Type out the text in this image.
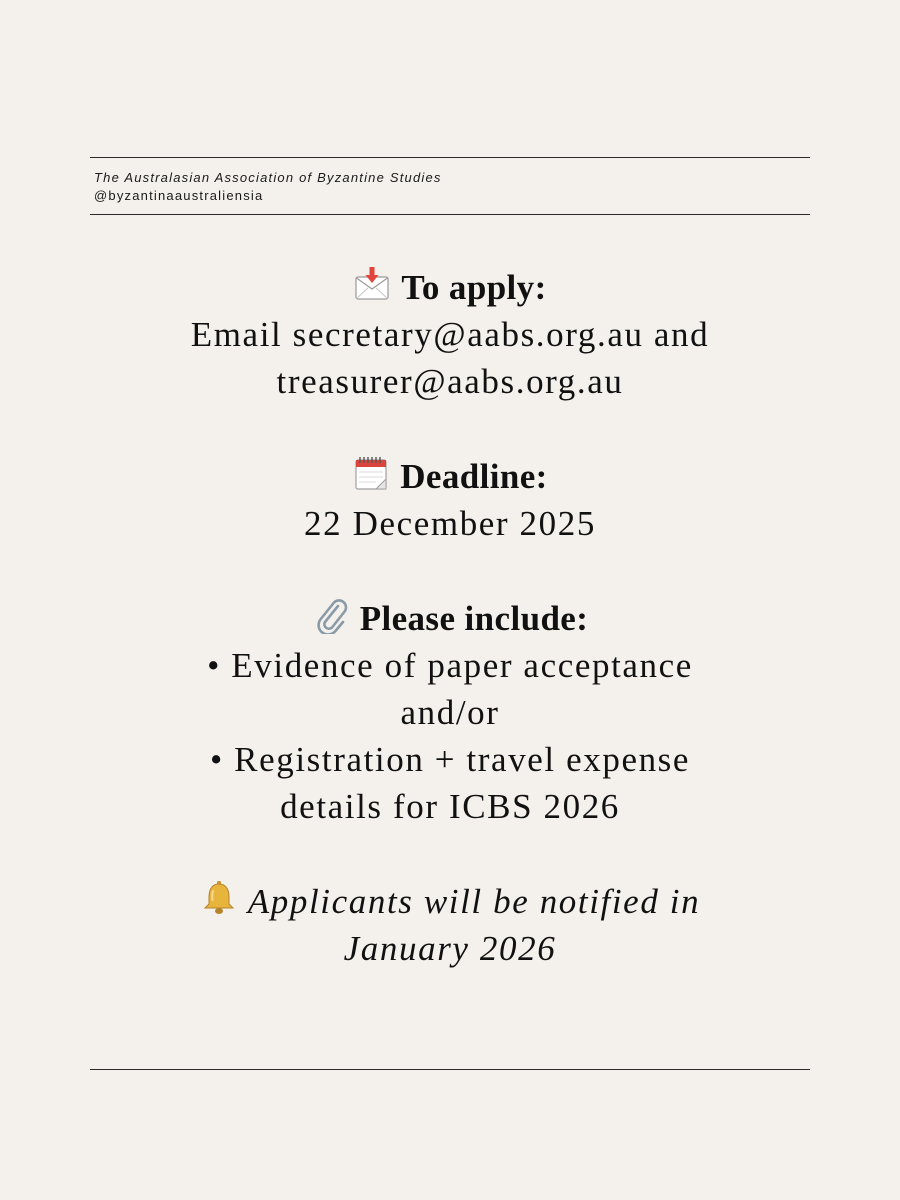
The Australasian Association of Byzantine Studies
@byzantinaaustraliensia
To apply:
Email secretary@aabs.org.au and
treasurer@aabs.org.au
Deadline:
22 December 2025
Please include:
• Evidence of paper acceptance
and/or
• Registration + travel expense
details for ICBS 2026
Applicants will be notified in
January 2026
